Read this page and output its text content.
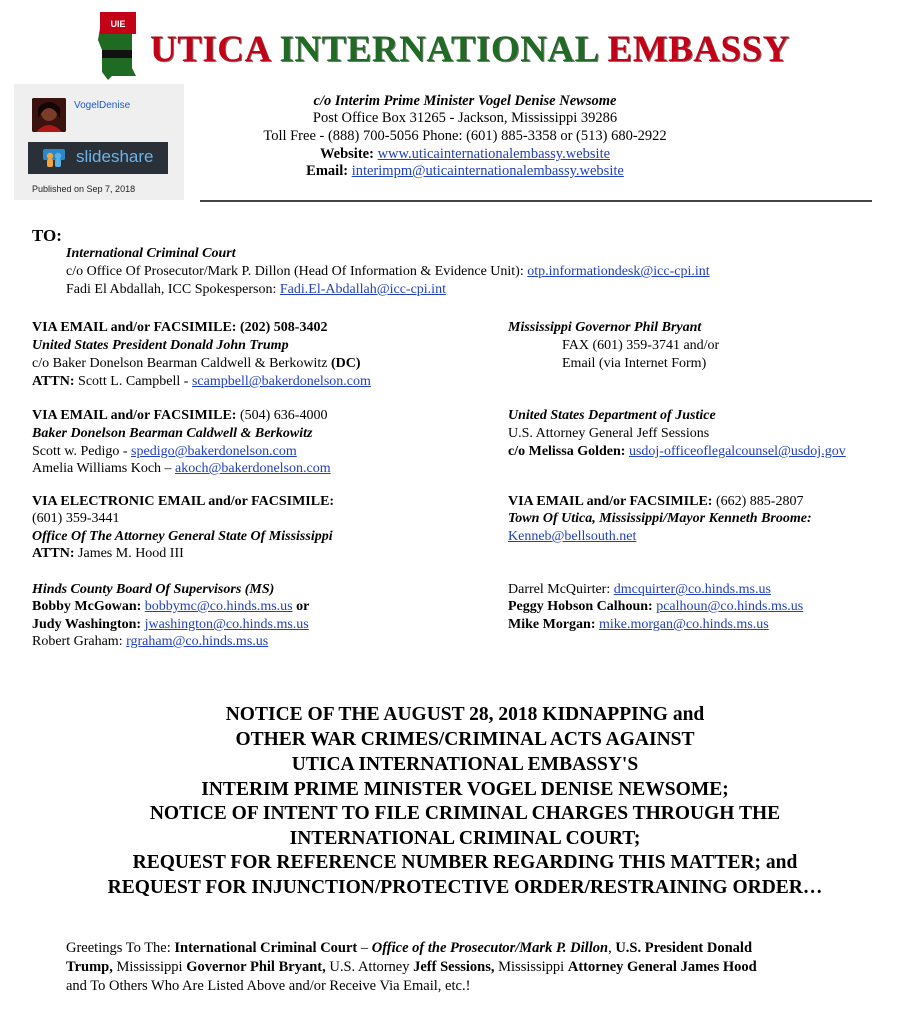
UIE
UTICA INTERNATIONAL EMBASSY
VogelDenise
slideshare
Published on Sep 7, 2018
c/o Interim Prime Minister Vogel Denise Newsome
Post Office Box 31265 - Jackson, Mississippi 39286
Toll Free - (888) 700-5056 Phone: (601) 885-3358 or (513) 680-2922
Website: www.uticainternationalembassy.website
Email: interimpm@uticainternationalembassy.website
TO:
International Criminal Court
c/o Office Of Prosecutor/Mark P. Dillon (Head Of Information & Evidence Unit): otp.informationdesk@icc-cpi.int
Fadi El Abdallah, ICC Spokesperson: Fadi.El-Abdallah@icc-cpi.int
VIA EMAIL and/or FACSIMILE: (202) 508-3402
United States President Donald John Trump
c/o Baker Donelson Bearman Caldwell & Berkowitz (DC)
ATTN: Scott L. Campbell - scampbell@bakerdonelson.com
Mississippi Governor Phil Bryant
FAX (601) 359-3741 and/or
Email (via Internet Form)
VIA EMAIL and/or FACSIMILE: (504) 636-4000
Baker Donelson Bearman Caldwell & Berkowitz
Scott w. Pedigo - spedigo@bakerdonelson.com
Amelia Williams Koch – akoch@bakerdonelson.com
United States Department of Justice
U.S. Attorney General Jeff Sessions
c/o Melissa Golden: usdoj-officeoflegalcounsel@usdoj.gov
VIA ELECTRONIC EMAIL and/or FACSIMILE:
(601) 359-3441
Office Of The Attorney General State Of Mississippi
ATTN: James M. Hood III
VIA EMAIL and/or FACSIMILE: (662) 885-2807
Town Of Utica, Mississippi/Mayor Kenneth Broome:
Kenneb@bellsouth.net
Hinds County Board Of Supervisors (MS)
Bobby McGowan: bobbymc@co.hinds.ms.us or
Judy Washington: jwashington@co.hinds.ms.us
Robert Graham: rgraham@co.hinds.ms.us
Darrel McQuirter: dmcquirter@co.hinds.ms.us
Peggy Hobson Calhoun: pcalhoun@co.hinds.ms.us
Mike Morgan: mike.morgan@co.hinds.ms.us
NOTICE OF THE AUGUST 28, 2018 KIDNAPPING and
OTHER WAR CRIMES/CRIMINAL ACTS AGAINST
UTICA INTERNATIONAL EMBASSY'S
INTERIM PRIME MINISTER VOGEL DENISE NEWSOME;
NOTICE OF INTENT TO FILE CRIMINAL CHARGES THROUGH THE
INTERNATIONAL CRIMINAL COURT;
REQUEST FOR REFERENCE NUMBER REGARDING THIS MATTER; and
REQUEST FOR INJUNCTION/PROTECTIVE ORDER/RESTRAINING ORDER…
Greetings To The: International Criminal Court – Office of the Prosecutor/Mark P. Dillon, U.S. President Donald
Trump, Mississippi Governor Phil Bryant, U.S. Attorney Jeff Sessions, Mississippi Attorney General James Hood
and To Others Who Are Listed Above and/or Receive Via Email, etc.!
